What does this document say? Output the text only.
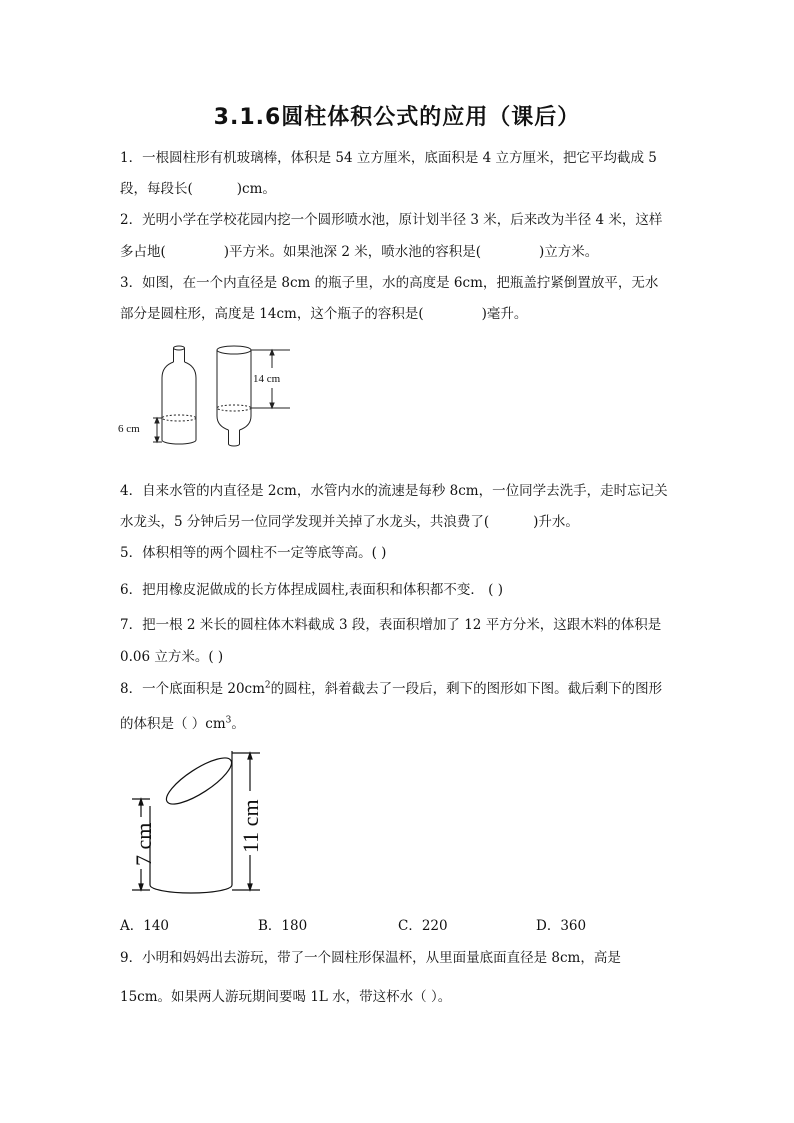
3.1.6圆柱体积公式的应用（课后）
1．一根圆柱形有机玻璃棒，体积是 54 立方厘米，底面积是 4 立方厘米，把它平均截成 5
段，每段长(	)cm。
2．光明小学在学校花园内挖一个圆形喷水池，原计划半径 3 米，后来改为半径 4 米，这样
多占地(	)平方米。如果池深 2 米，喷水池的容积是(	)立方米。
3．如图，在一个内直径是 8cm 的瓶子里，水的高度是 6cm，把瓶盖拧紧倒置放平，无水
部分是圆柱形，高度是 14cm，这个瓶子的容积是(	)毫升。
6 cm
14 cm
4．自来水管的内直径是 2cm，水管内水的流速是每秒 8cm，一位同学去洗手，走时忘记关
水龙头，5 分钟后另一位同学发现并关掉了水龙头，共浪费了(	)升水。
5．体积相等的两个圆柱不一定等底等高。( )
6．把用橡皮泥做成的长方体捏成圆柱,表面积和体积都不变． ( )
7．把一根 2 米长的圆柱体木料截成 3 段，表面积增加了 12 平方分米，这跟木料的体积是
0.06 立方米。( )
8．一个底面积是 $20cm^2$的圆柱，斜着截去了一段后，剩下的图形如下图。截后剩下的图形
的体积是（ ）$cm^3$。
7 cm	11 cm
A．140	B．180	C．220	D．360
9．小明和妈妈出去游玩，带了一个圆柱形保温杯，从里面量底面直径是 8cm，高是
15cm。如果两人游玩期间要喝 1L 水，带这杯水（ ）。
